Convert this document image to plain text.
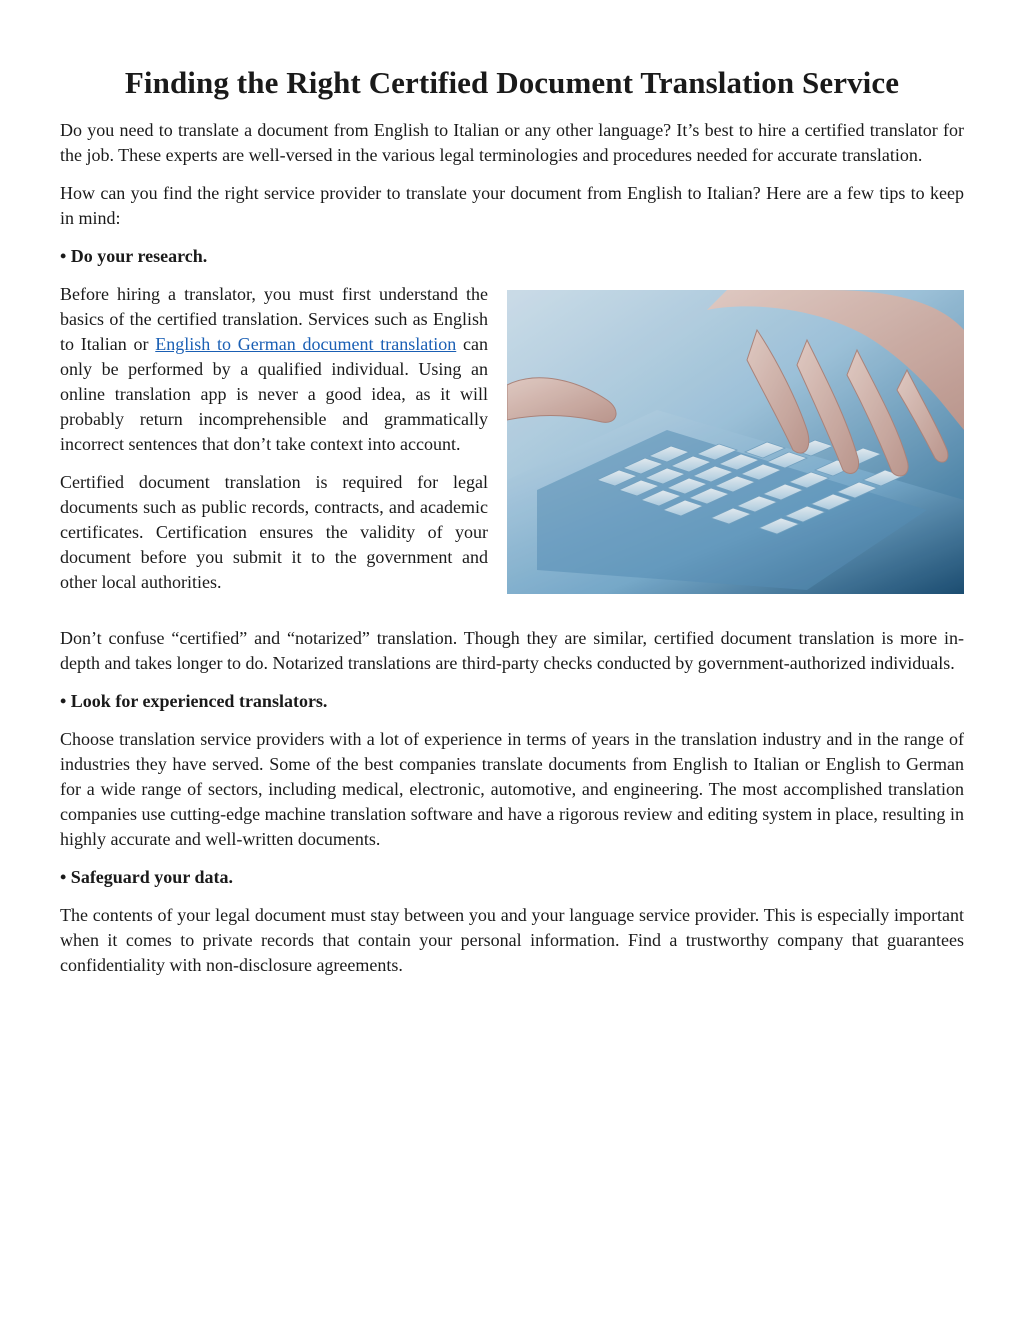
Finding the Right Certified Document Translation Service

Do you need to translate a document from English to Italian or any other language? It’s best to hire a certified translator for the job. These experts are well-versed in the various legal terminologies and procedures needed for accurate translation.

How can you find the right service provider to translate your document from English to Italian? Here are a few tips to keep in mind:

• Do your research.

Before hiring a translator, you must first understand the basics of the certified translation. Services such as English to Italian or English to German document translation can only be performed by a qualified individual. Using an online translation app is never a good idea, as it will probably return incomprehensible and grammatically incorrect sentences that don’t take context into account.

Certified document translation is required for legal documents such as public records, contracts, and academic certificates. Certification ensures the validity of your document before you submit it to the government and other local authorities.

Don’t confuse “certified” and “notarized” translation. Though they are similar, certified document translation is more in-depth and takes longer to do. Notarized translations are third-party checks conducted by government-authorized individuals.

• Look for experienced translators.

Choose translation service providers with a lot of experience in terms of years in the translation industry and in the range of industries they have served. Some of the best companies translate documents from English to Italian or English to German for a wide range of sectors, including medical, electronic, automotive, and engineering. The most accomplished translation companies use cutting-edge machine translation software and have a rigorous review and editing system in place, resulting in highly accurate and well-written documents.

• Safeguard your data.

The contents of your legal document must stay between you and your language service provider. This is especially important when it comes to private records that contain your personal information. Find a trustworthy company that guarantees confidentiality with non-disclosure agreements.
